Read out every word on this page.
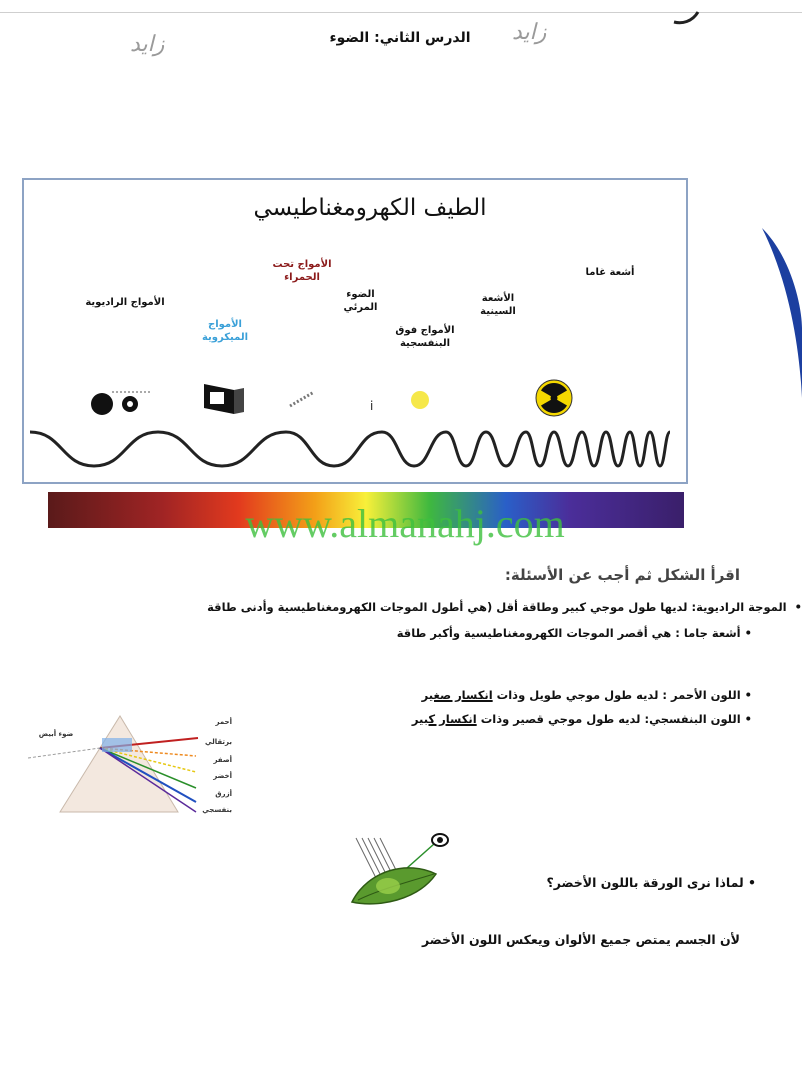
زايد	الدرس الثاني: الضوء	زايد
الطيف الكهرومغناطيسي
الأمواج الراديوية
الأمواج الميكروية
الأمواج تحت الحمراء
الضوء المرئي
الأمواج فوق البنفسجية
الأشعة السينية
أشعة غاما
i
www.almanahj.com
اقرأ الشكل ثم أجب عن الأسئلة:
• الموجة الراديوية: لديها طول موجي كبير وطاقة أقل (هي أطول الموجات الكهرومغناطيسية وأدنى طاقة
• أشعة جاما : هي أقصر الموجات الكهرومغناطيسية وأكبر طاقة
• اللون الأحمر : لديه طول موجي طويل وذات انكسار صغير
• اللون البنفسجي: لديه طول موجي قصير وذات انكسار كبير
ضوء أبيض
أحمر
برتقالي
أصفر
أخضر
أزرق
بنفسجي
• لماذا نرى الورقة باللون الأخضر؟
لأن الجسم يمتص جميع الألوان ويعكس اللون الأخضر
